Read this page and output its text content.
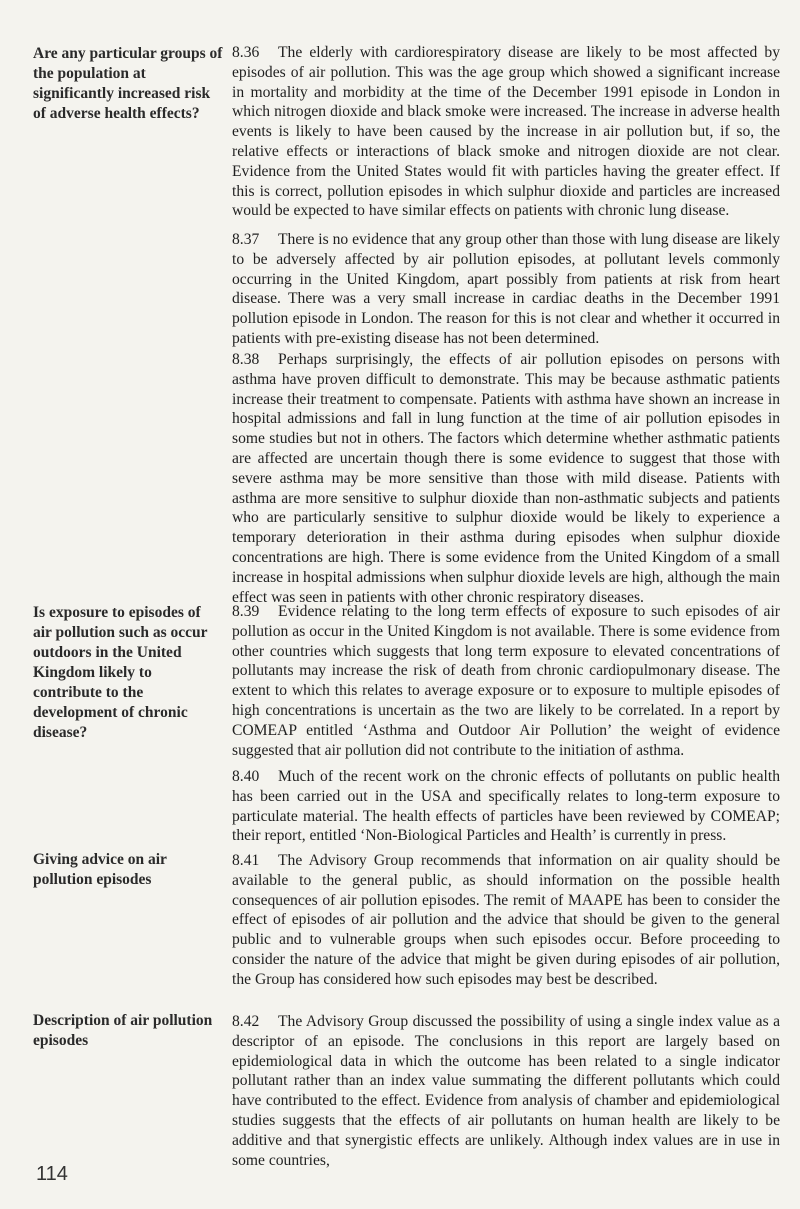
Are any particular groups of the population at significantly increased risk of adverse health effects?
Is exposure to episodes of air pollution such as occur outdoors in the United Kingdom likely to contribute to the development of chronic disease?
Giving advice on air pollution episodes
Description of air pollution episodes
8.36 The elderly with cardiorespiratory disease are likely to be most affected by episodes of air pollution. This was the age group which showed a significant increase in mortality and morbidity at the time of the December 1991 episode in London in which nitrogen dioxide and black smoke were increased. The increase in adverse health events is likely to have been caused by the increase in air pollution but, if so, the relative effects or interactions of black smoke and nitrogen dioxide are not clear. Evidence from the United States would fit with particles having the greater effect. If this is correct, pollution episodes in which sulphur dioxide and particles are increased would be expected to have similar effects on patients with chronic lung disease.
8.37 There is no evidence that any group other than those with lung disease are likely to be adversely affected by air pollution episodes, at pollutant levels commonly occurring in the United Kingdom, apart possibly from patients at risk from heart disease. There was a very small increase in cardiac deaths in the December 1991 pollution episode in London. The reason for this is not clear and whether it occurred in patients with pre-existing disease has not been determined.
8.38 Perhaps surprisingly, the effects of air pollution episodes on persons with asthma have proven difficult to demonstrate. This may be because asthmatic patients increase their treatment to compensate. Patients with asthma have shown an increase in hospital admissions and fall in lung function at the time of air pollution episodes in some studies but not in others. The factors which determine whether asthmatic patients are affected are uncertain though there is some evidence to suggest that those with severe asthma may be more sensitive than those with mild disease. Patients with asthma are more sensitive to sulphur dioxide than non-asthmatic subjects and patients who are particularly sensitive to sulphur dioxide would be likely to experience a temporary deterioration in their asthma during episodes when sulphur dioxide concentrations are high. There is some evidence from the United Kingdom of a small increase in hospital admissions when sulphur dioxide levels are high, although the main effect was seen in patients with other chronic respiratory diseases.
8.39 Evidence relating to the long term effects of exposure to such episodes of air pollution as occur in the United Kingdom is not available. There is some evidence from other countries which suggests that long term exposure to elevated concentrations of pollutants may increase the risk of death from chronic cardiopulmonary disease. The extent to which this relates to average exposure or to exposure to multiple episodes of high concentrations is uncertain as the two are likely to be correlated. In a report by COMEAP entitled ‘Asthma and Outdoor Air Pollution’ the weight of evidence suggested that air pollution did not contribute to the initiation of asthma.
8.40 Much of the recent work on the chronic effects of pollutants on public health has been carried out in the USA and specifically relates to long-term exposure to particulate material. The health effects of particles have been reviewed by COMEAP; their report, entitled ‘Non-Biological Particles and Health’ is currently in press.
8.41 The Advisory Group recommends that information on air quality should be available to the general public, as should information on the possible health consequences of air pollution episodes. The remit of MAAPE has been to consider the effect of episodes of air pollution and the advice that should be given to the general public and to vulnerable groups when such episodes occur. Before proceeding to consider the nature of the advice that might be given during episodes of air pollution, the Group has considered how such episodes may best be described.
8.42 The Advisory Group discussed the possibility of using a single index value as a descriptor of an episode. The conclusions in this report are largely based on epidemiological data in which the outcome has been related to a single indicator pollutant rather than an index value summating the different pollutants which could have contributed to the effect. Evidence from analysis of chamber and epidemiological studies suggests that the effects of air pollutants on human health are likely to be additive and that synergistic effects are unlikely. Although index values are in use in some countries,
114
